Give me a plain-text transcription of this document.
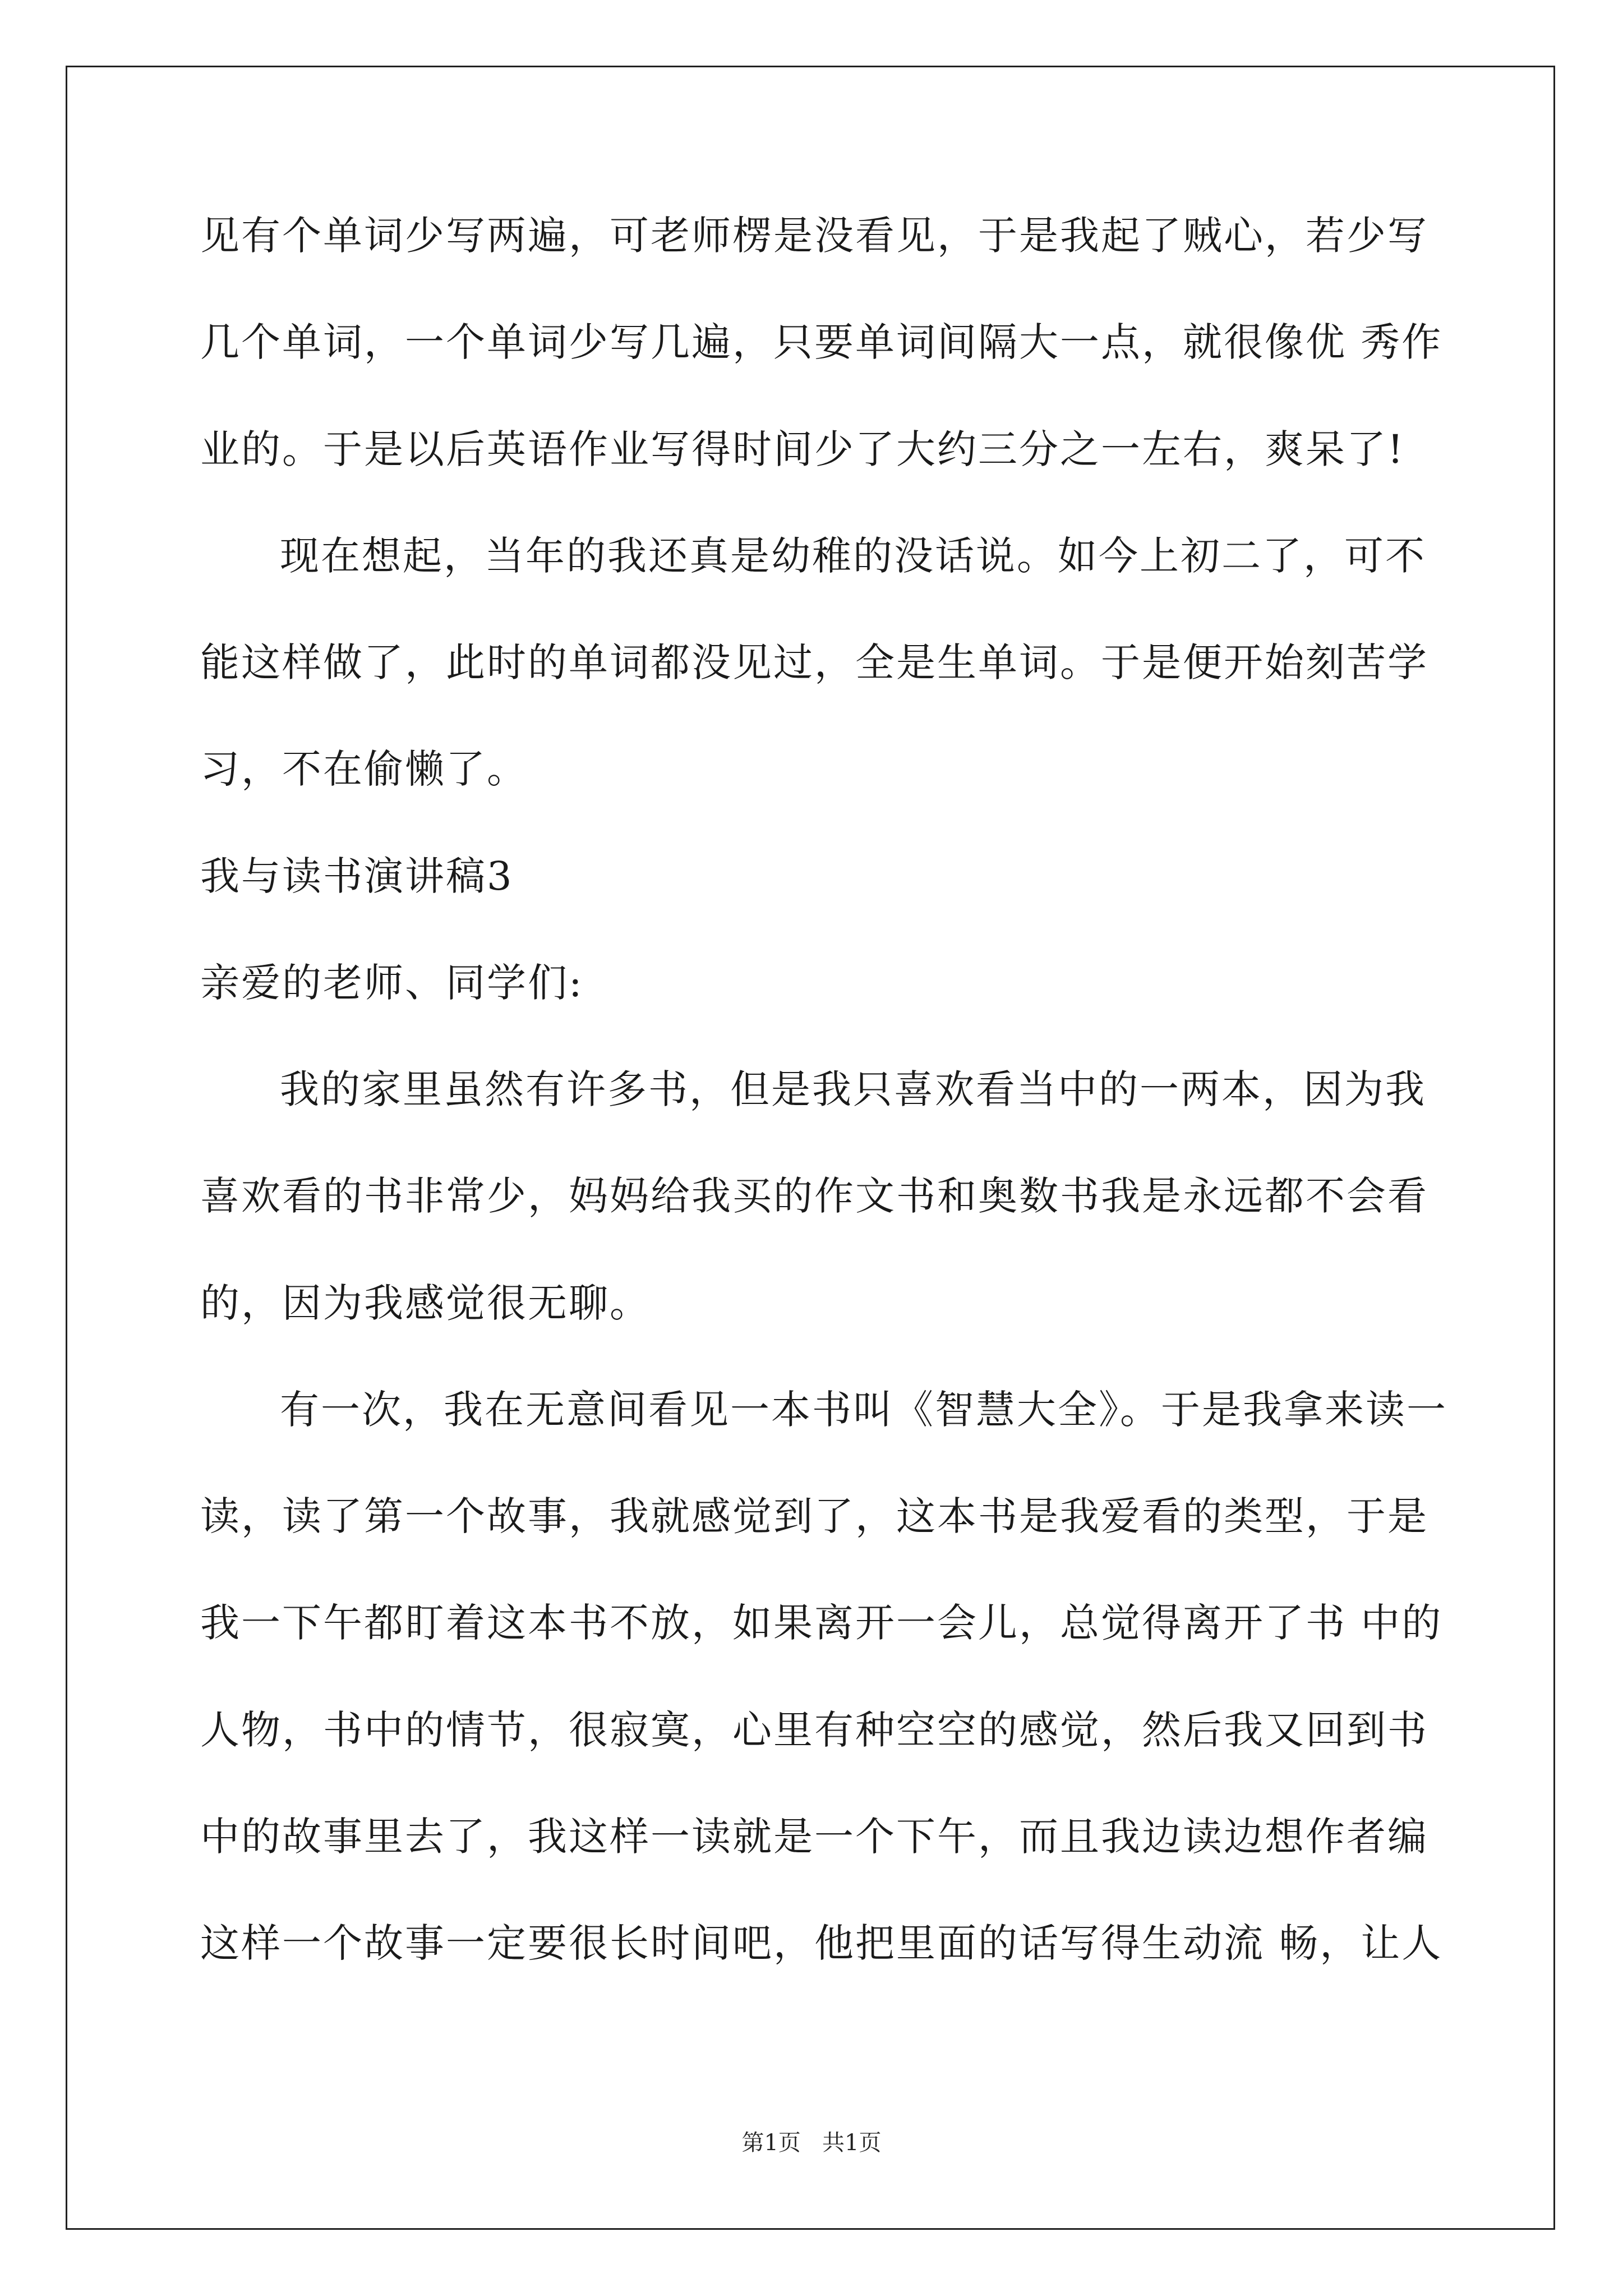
见有个单词少写两遍，可老师楞是没看见，于是我起了贼心，若少写
几个单词，一个单词少写几遍，只要单词间隔大一点，就很像优 秀作
业的。于是以后英语作业写得时间少了大约三分之一左右，爽呆了!
现在想起，当年的我还真是幼稚的没话说。如今上初二了，可不
能这样做了，此时的单词都没见过，全是生单词。于是便开始刻苦学
习，不在偷懒了。
我与读书演讲稿3
亲爱的老师、同学们:
我的家里虽然有许多书，但是我只喜欢看当中的一两本，因为我
喜欢看的书非常少，妈妈给我买的作文书和奥数书我是永远都不会看
的，因为我感觉很无聊。
有一次，我在无意间看见一本书叫《智慧大全》。于是我拿来读一
读，读了第一个故事，我就感觉到了，这本书是我爱看的类型，于是
我一下午都盯着这本书不放，如果离开一会儿，总觉得离开了书 中的
人物，书中的情节，很寂寞，心里有种空空的感觉，然后我又回到书
中的故事里去了，我这样一读就是一个下午，而且我边读边想作者编
这样一个故事一定要很长时间吧，他把里面的话写得生动流 畅，让人
第1页   共1页
